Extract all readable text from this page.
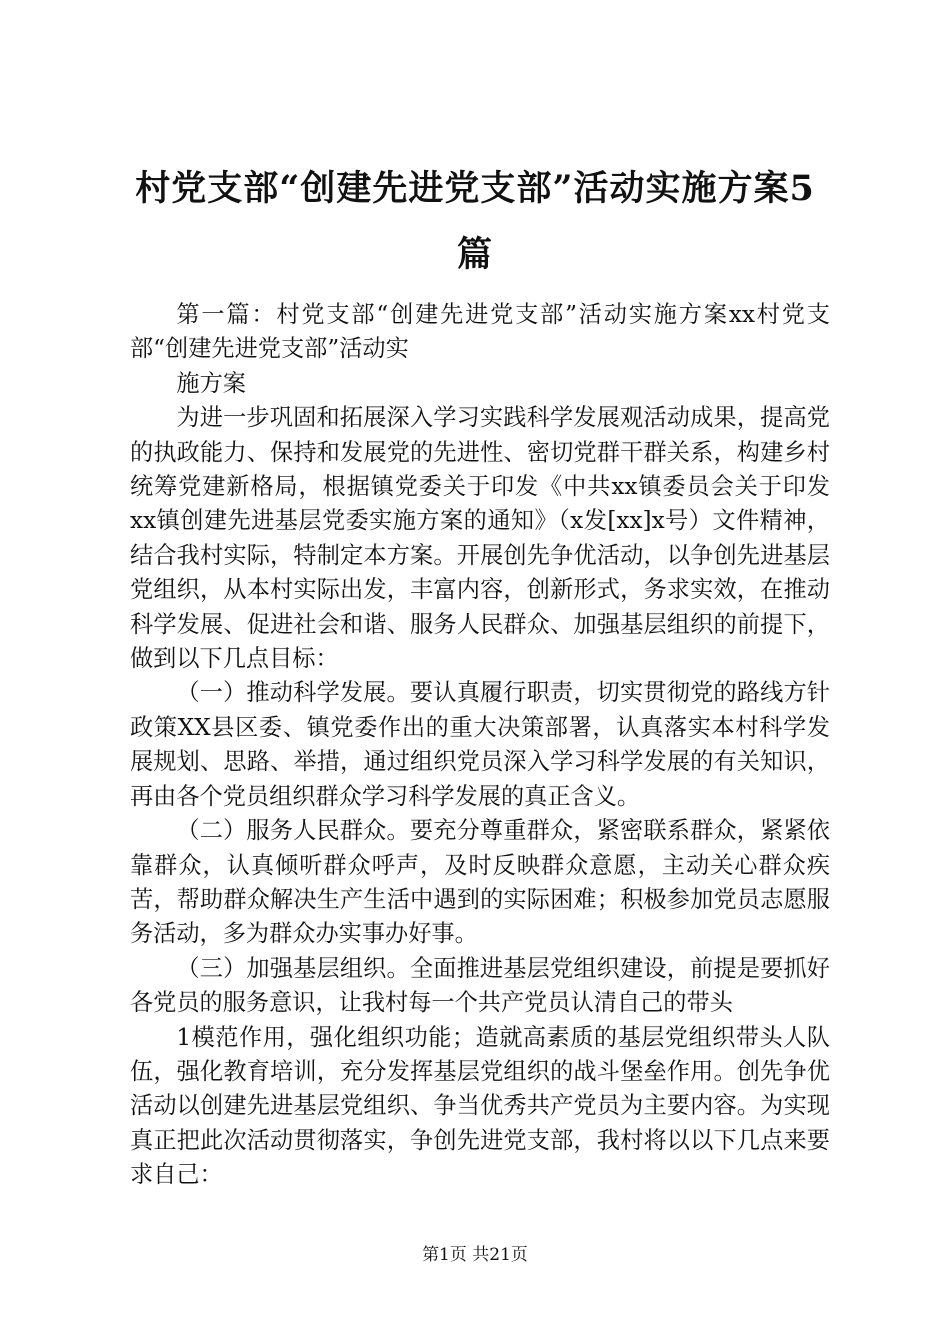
村党支部“创建先进党支部”活动实施方案5篇

第一篇：村党支部“创建先进党支部”活动实施方案xx村党支部“创建先进党支部”活动实

施方案

为进一步巩固和拓展深入学习实践科学发展观活动成果，提高党的执政能力、保持和发展党的先进性、密切党群干群关系，构建乡村统筹党建新格局，根据镇党委关于印发《中共xx镇委员会关于印发xx镇创建先进基层党委实施方案的通知》（x发[xx]x号）文件精神，结合我村实际，特制定本方案。开展创先争优活动，以争创先进基层党组织，从本村实际出发，丰富内容，创新形式，务求实效，在推动科学发展、促进社会和谐、服务人民群众、加强基层组织的前提下，做到以下几点目标：

（一）推动科学发展。要认真履行职责，切实贯彻党的路线方针政策XX县区委、镇党委作出的重大决策部署，认真落实本村科学发展规划、思路、举措，通过组织党员深入学习科学发展的有关知识，再由各个党员组织群众学习科学发展的真正含义。

（二）服务人民群众。要充分尊重群众，紧密联系群众，紧紧依靠群众，认真倾听群众呼声，及时反映群众意愿，主动关心群众疾苦，帮助群众解决生产生活中遇到的实际困难；积极参加党员志愿服务活动，多为群众办实事办好事。

（三）加强基层组织。全面推进基层党组织建设，前提是要抓好各党员的服务意识，让我村每一个共产党员认清自己的带头

1模范作用，强化组织功能；造就高素质的基层党组织带头人队伍，强化教育培训，充分发挥基层党组织的战斗堡垒作用。创先争优活动以创建先进基层党组织、争当优秀共产党员为主要内容。为实现真正把此次活动贯彻落实，争创先进党支部，我村将以以下几点来要求自己：

第1页 共21页
